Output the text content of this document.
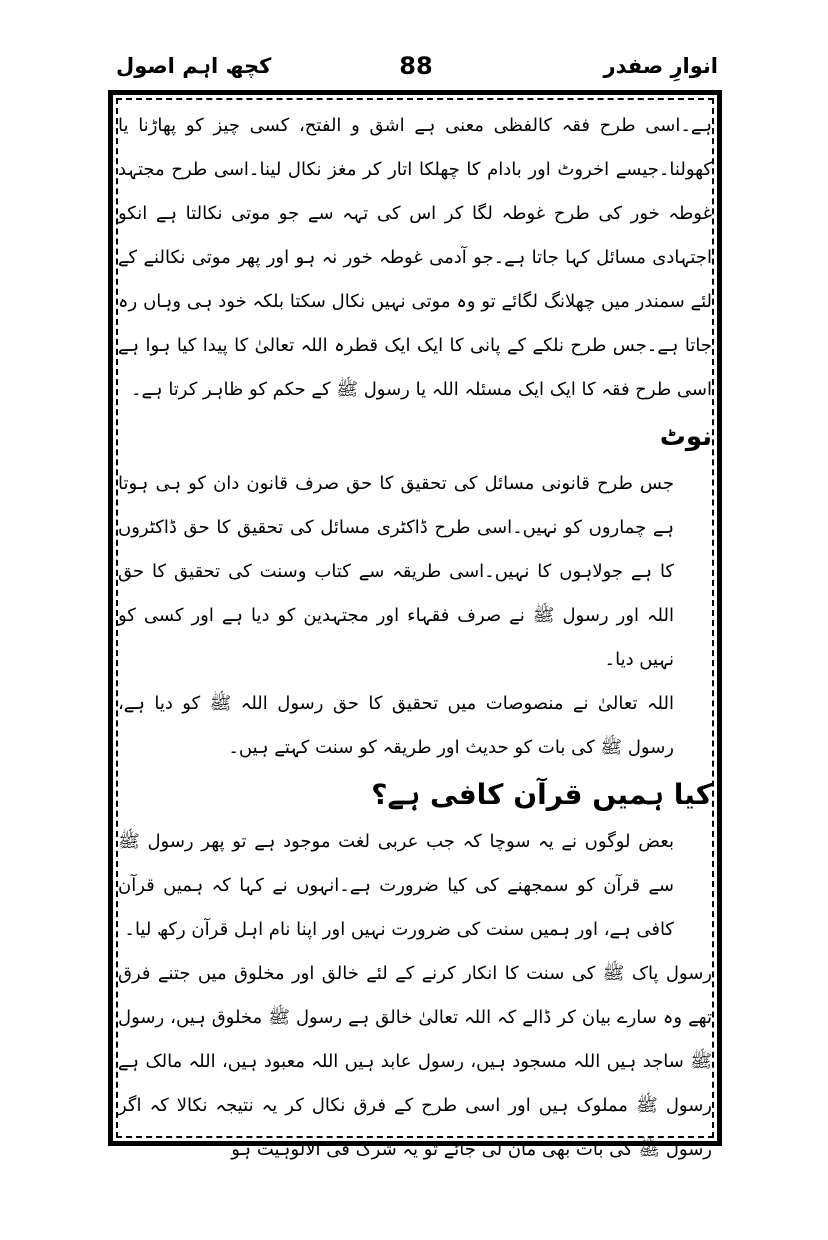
انوارِ صفدر
88
کچھ اہم اصول

ہے۔اسی طرح فقہ کالفظی معنی ہے اشق و الفتح، کسی چیز کو پھاڑنا یا کھولنا۔جیسے اخروٹ اور بادام کا چھلکا اتار کر مغز نکال لینا۔اسی طرح مجتہد غوطہ خور کی طرح غوطہ لگا کر اس کی تہہ سے جو موتی نکالتا ہے انکو اجتہادی مسائل کہا جاتا ہے۔جو آدمی غوطہ خور نہ ہو اور پھر موتی نکالنے کے لئے سمندر میں چھلانگ لگائے تو وہ موتی نہیں نکال سکتا بلکہ خود ہی وہاں رہ جاتا ہے۔جس طرح نلکے کے پانی کا ایک ایک قطرہ اللہ تعالیٰ کا پیدا کیا ہوا ہے اسی طرح فقہ کا ایک ایک مسئلہ اللہ یا رسول ﷺ کے حکم کو ظاہر کرتا ہے۔

نوٹ

جس طرح قانونی مسائل کی تحقیق کا حق صرف قانون دان کو ہی ہوتا ہے چماروں کو نہیں۔اسی طرح ڈاکٹری مسائل کی تحقیق کا حق ڈاکٹروں کا ہے جولاہوں کا نہیں۔اسی طریقہ سے کتاب وسنت کی تحقیق کا حق اللہ اور رسول ﷺ نے صرف فقہاء اور مجتہدین کو دیا ہے اور کسی کو نہیں دیا۔

اللہ تعالیٰ نے منصوصات میں تحقیق کا حق رسول اللہ ﷺ کو دیا ہے، رسول ﷺ کی بات کو حدیث اور طریقہ کو سنت کہتے ہیں۔

کیا ہمیں قرآن کافی ہے؟

بعض لوگوں نے یہ سوچا کہ جب عربی لغت موجود ہے تو پھر رسول ﷺ سے قرآن کو سمجھنے کی کیا ضرورت ہے۔انہوں نے کہا کہ ہمیں قرآن کافی ہے، اور ہمیں سنت کی ضرورت نہیں اور اپنا نام اہل قرآن رکھ لیا۔

رسول پاک ﷺ کی سنت کا انکار کرنے کے لئے خالق اور مخلوق میں جتنے فرق تھے وہ سارے بیان کر ڈالے کہ اللہ تعالیٰ خالق ہے رسول ﷺ مخلوق ہیں، رسول ﷺ ساجد ہیں اللہ مسجود ہیں، رسول عابد ہیں اللہ معبود ہیں، اللہ مالک ہے رسول ﷺ مملوک ہیں اور اسی طرح کے فرق نکال کر یہ نتیجہ نکالا کہ اگر رسول ﷺ کی بات بھی مان لی جائے تو یہ شرک فی الالوہیت ہو
